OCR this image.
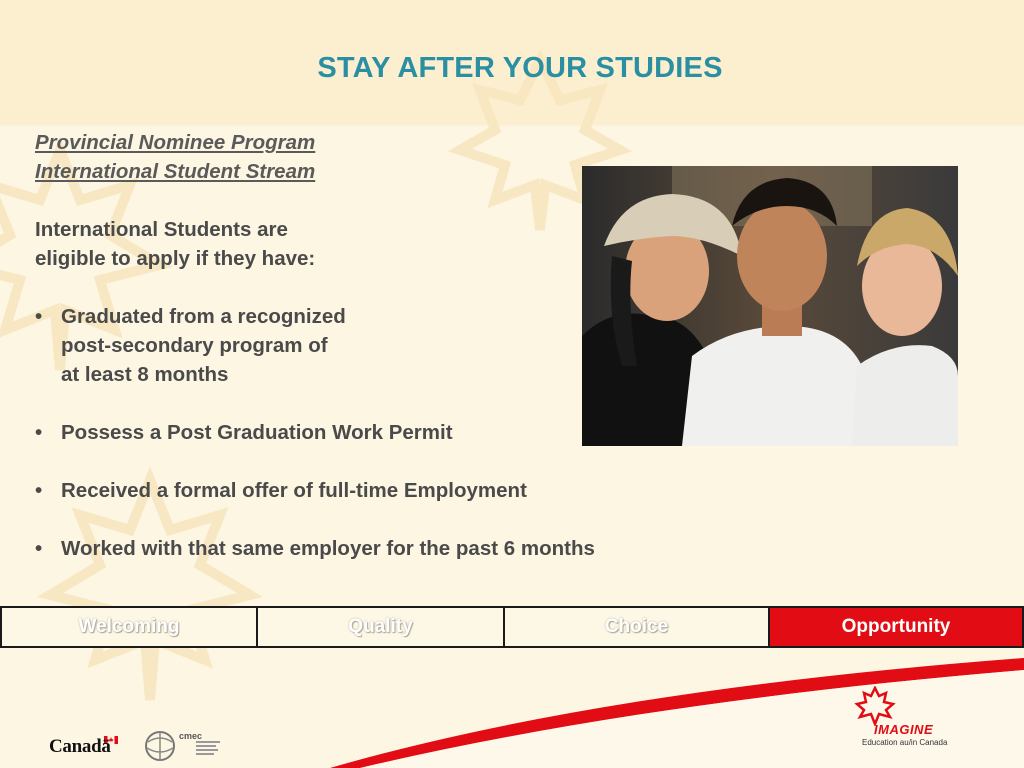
STAY AFTER YOUR STUDIES
Provincial Nominee Program
International Student Stream
International Students are
eligible to apply if they have:
• Graduated from a recognized
post-secondary program of
at least 8 months
• Possess a Post Graduation Work Permit
• Received a formal offer of full-time Employment
• Worked with that same employer for the past 6 months
Welcoming	Quality	Choice	Opportunity
Canadä	cmec	IMAGINE
Education au/in Canada
